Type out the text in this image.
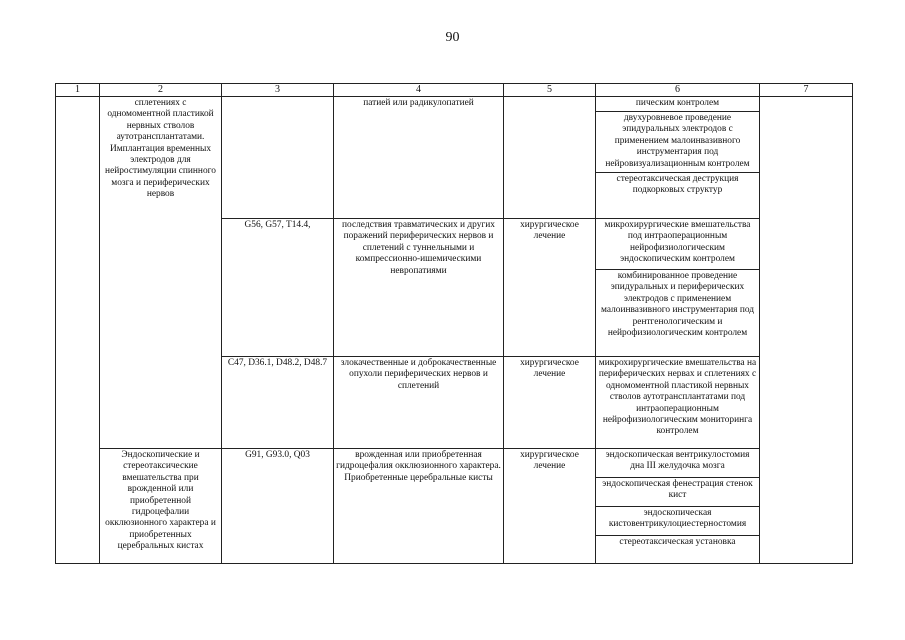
90
1	2	3	4	5	6	7

	сплетениях с одномоментной пластикой нервных стволов аутотрансплантатами. Имплантация временных электродов для нейростимуляции спинного мозга и периферических нервов		патией или радикулопатией		пическим контролем
двухуровневое проведение эпидуральных электродов с применением малоинвазивного инструментария под нейровизуализационным контролем
стереотаксическая деструкция подкорковых структур	

		G56, G57, T14.4,	последствия травматических и других поражений периферических нервов и сплетений с туннельными и компрессионно-ишемическими невропатиями	хирургическое лечение	микрохирургические вмешательства под интраоперационным нейрофизиологическим эндоскопическим контролем
комбинированное проведение эпидуральных и периферических электродов с применением малоинвазивного инструментария под рентгенологическим и нейрофизиологическим контролем	

		C47, D36.1, D48.2, D48.7	злокачественные и доброкачественные опухоли периферических нервов и сплетений	хирургическое лечение	микрохирургические вмешательства на периферических нервах и сплетениях с одномоментной пластикой нервных стволов аутотрансплантатами под интраоперационным нейрофизиологическим мониторинга контролем	

	Эндоскопические и стереотаксические вмешательства при врожденной или приобретенной гидроцефалии окклюзионного характера и приобретенных церебральных кистах	G91, G93.0, Q03	врожденная или приобретенная гидроцефалия окклюзионного характера. Приобретенные церебральные кисты	хирургическое лечение	эндоскопическая вентрикулостомия дна III желудочка мозга
эндоскопическая фенестрация стенок кист
эндоскопическая кистовентрикулоциестерностомия
стереотаксическая установка	
